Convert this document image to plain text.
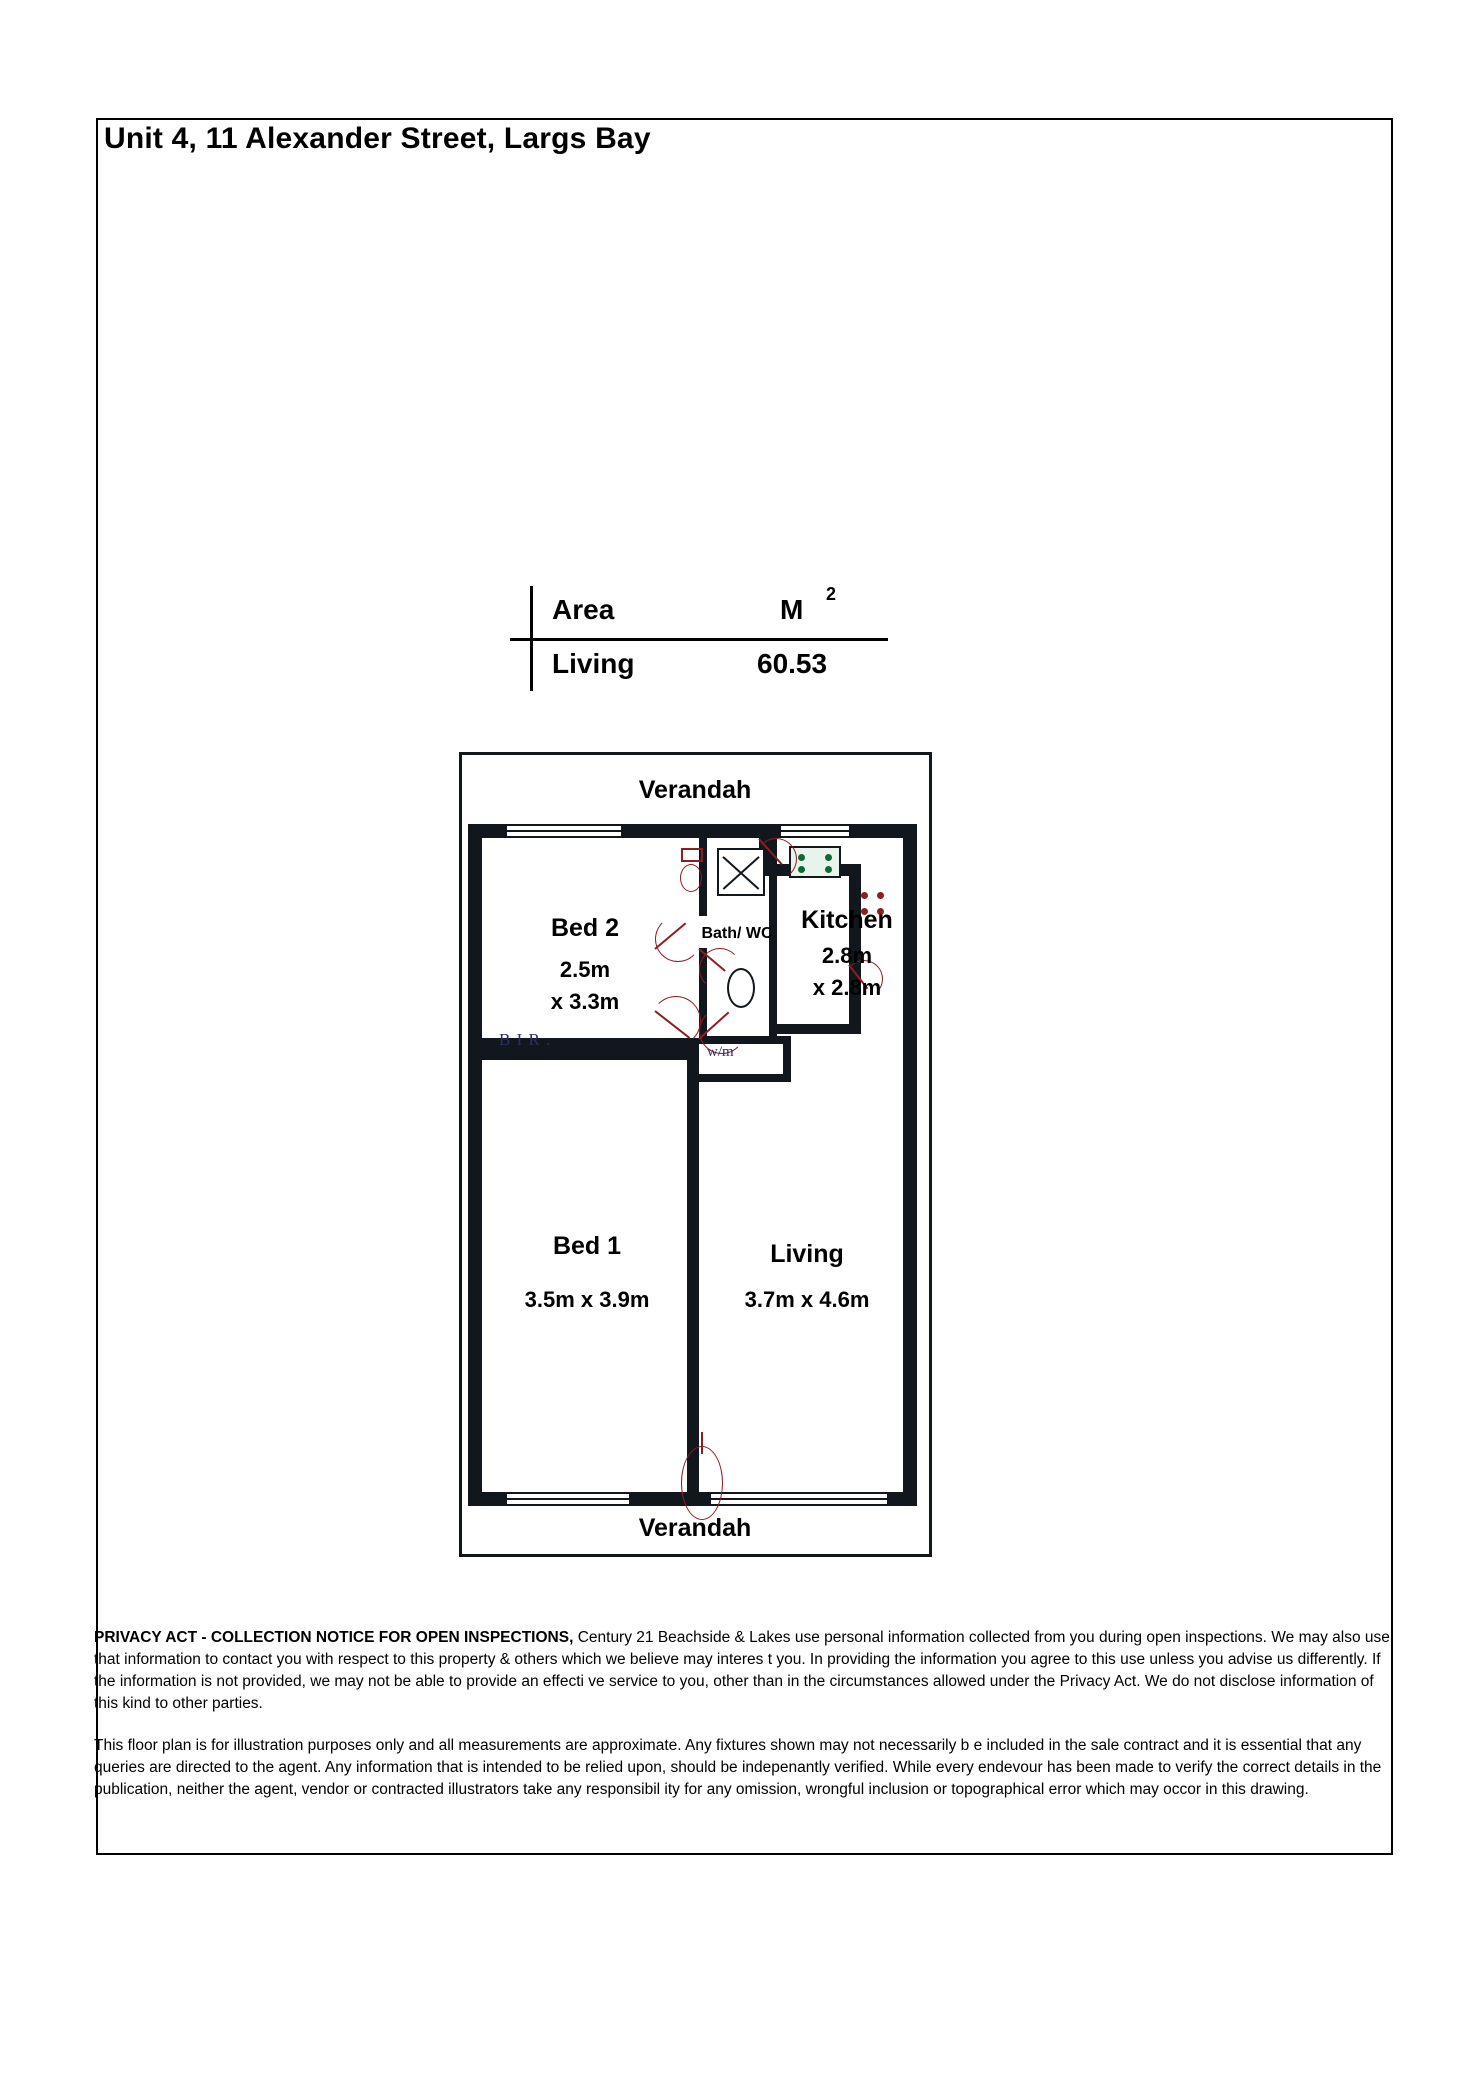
Unit 4, 11 Alexander Street, Largs Bay
Area	M 2
Living	60.53
Verandah
Bed 2
2.5m
x 3.3m
Bath/ WC	Kitchen
2.8m
x 2.8m
Bed 1
3.5m x 3.9m
Living
3.7m x 4.6m
Verandah
B I R .
w/m

PRIVACY ACT - COLLECTION NOTICE FOR OPEN INSPECTIONS, Century 21 Beachside & Lakes use personal information collected from you during open inspections. We may also use that information to contact you with respect to this property & others which we believe may interes t you. In providing the information you agree to this use unless you advise us differently. If the information is not provided, we may not be able to provide an effecti ve service to you, other than in the circumstances allowed under the Privacy Act. We do not disclose information of this kind to other parties.

This floor plan is for illustration purposes only and all measurements are approximate. Any fixtures shown may not necessarily b e included in the sale contract and it is essential that any queries are directed to the agent. Any information that is intended to be relied upon, should be indepenantly verified. While every endevour has been made to verify the correct details in the publication, neither the agent, vendor or contracted illustrators take any responsibil ity for any omission, wrongful inclusion or topographical error which may occor in this drawing.
